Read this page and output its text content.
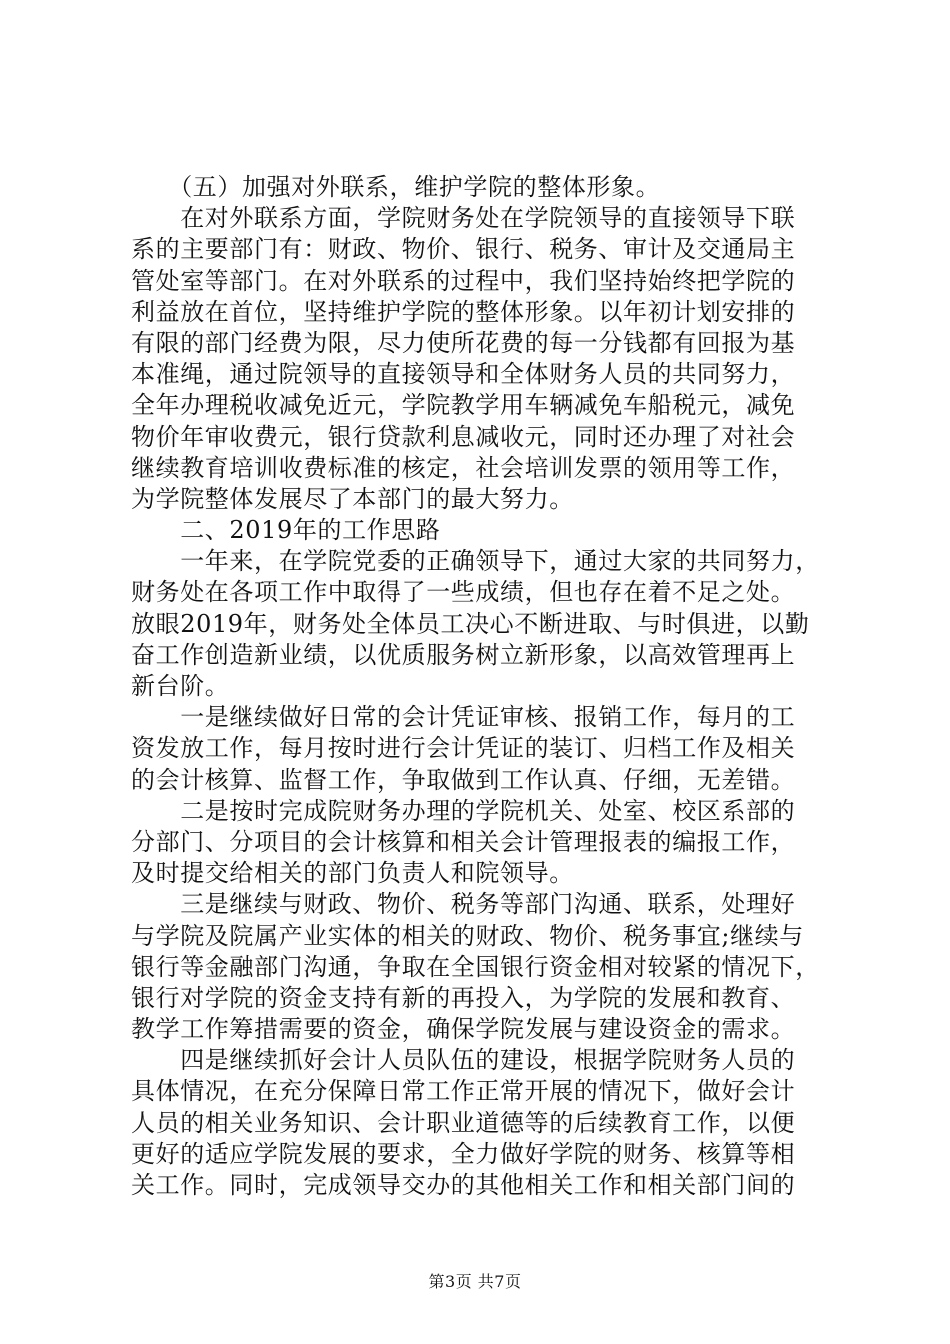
　　（五）加强对外联系，维护学院的整体形象。
　　在对外联系方面，学院财务处在学院领导的直接领导下联
系的主要部门有：财政、物价、银行、税务、审计及交通局主
管处室等部门。在对外联系的过程中，我们坚持始终把学院的
利益放在首位，坚持维护学院的整体形象。以年初计划安排的
有限的部门经费为限，尽力使所花费的每一分钱都有回报为基
本准绳，通过院领导的直接领导和全体财务人员的共同努力，
全年办理税收减免近元，学院教学用车辆减免车船税元，减免
物价年审收费元，银行贷款利息减收元，同时还办理了对社会
继续教育培训收费标准的核定，社会培训发票的领用等工作，
为学院整体发展尽了本部门的最大努力。
　　二、2019年的工作思路
　　一年来，在学院党委的正确领导下，通过大家的共同努力，
财务处在各项工作中取得了一些成绩，但也存在着不足之处。
放眼2019年，财务处全体员工决心不断进取、与时俱进，以勤
奋工作创造新业绩，以优质服务树立新形象，以高效管理再上
新台阶。
　　一是继续做好日常的会计凭证审核、报销工作，每月的工
资发放工作，每月按时进行会计凭证的装订、归档工作及相关
的会计核算、监督工作，争取做到工作认真、仔细，无差错。
　　二是按时完成院财务办理的学院机关、处室、校区系部的
分部门、分项目的会计核算和相关会计管理报表的编报工作，
及时提交给相关的部门负责人和院领导。
　　三是继续与财政、物价、税务等部门沟通、联系，处理好
与学院及院属产业实体的相关的财政、物价、税务事宜;继续与
银行等金融部门沟通，争取在全国银行资金相对较紧的情况下，
银行对学院的资金支持有新的再投入，为学院的发展和教育、
教学工作筹措需要的资金，确保学院发展与建设资金的需求。
　　四是继续抓好会计人员队伍的建设，根据学院财务人员的
具体情况，在充分保障日常工作正常开展的情况下，做好会计
人员的相关业务知识、会计职业道德等的后续教育工作，以便
更好的适应学院发展的要求，全力做好学院的财务、核算等相
关工作。同时，完成领导交办的其他相关工作和相关部门间的
第3页 共7页
